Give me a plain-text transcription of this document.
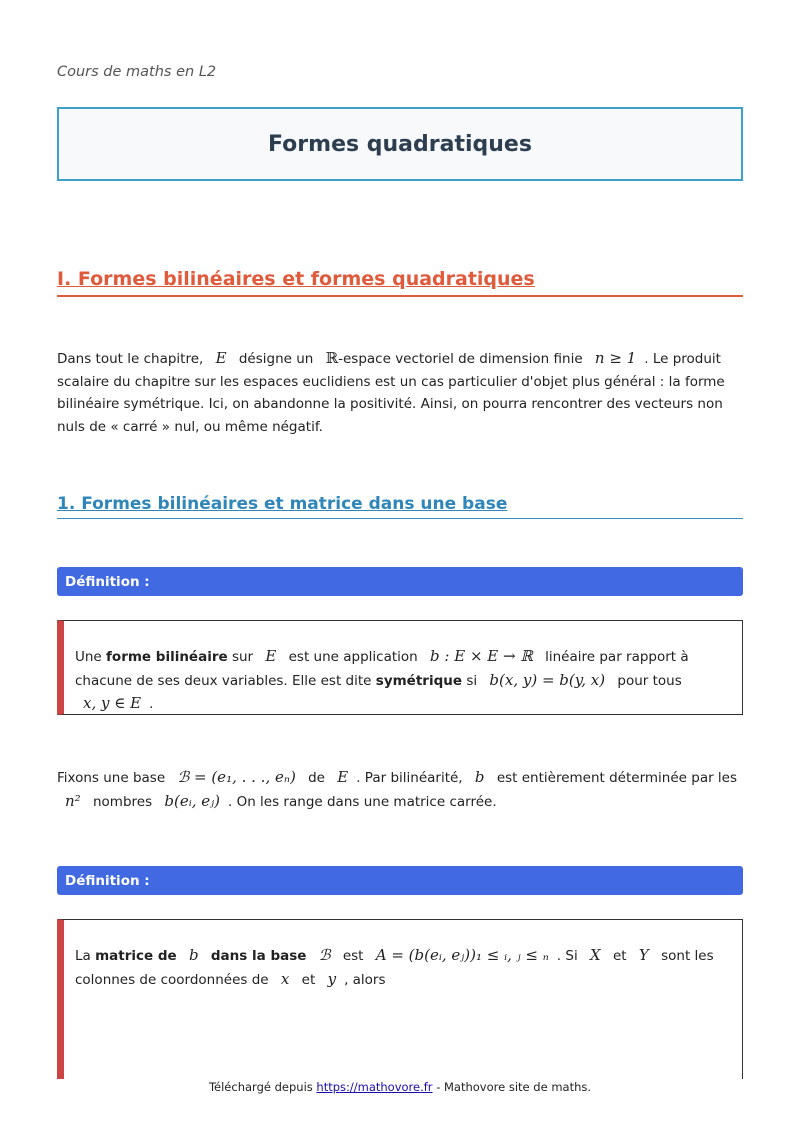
Cours de maths en L2
Formes quadratiques
I. Formes bilinéaires et formes quadratiques
Dans tout le chapitre, E désigne un ℝ-espace vectoriel de dimension finie n ≥ 1 . Le produit scalaire du chapitre sur les espaces euclidiens est un cas particulier d'objet plus général : la forme bilinéaire symétrique. Ici, on abandonne la positivité. Ainsi, on pourra rencontrer des vecteurs non nuls de « carré » nul, ou même négatif.
1. Formes bilinéaires et matrice dans une base
Définition :
Une forme bilinéaire sur E est une application b : E × E → ℝ linéaire par rapport à chacune de ses deux variables. Elle est dite symétrique si b(x, y) = b(y, x) pour tous x, y ∈ E .
Fixons une base ℬ = (e₁, . . ., eₙ) de E . Par bilinéarité, b est entièrement déterminée par les n² nombres b(eᵢ, eⱼ) . On les range dans une matrice carrée.
Définition :
La matrice de b dans la base ℬ est A = (b(eᵢ, eⱼ))₁ ≤ ᵢ, ⱼ ≤ ₙ . Si X et Y sont les colonnes de coordonnées de x et y , alors
Téléchargé depuis https://mathovore.fr - Mathovore site de maths.
